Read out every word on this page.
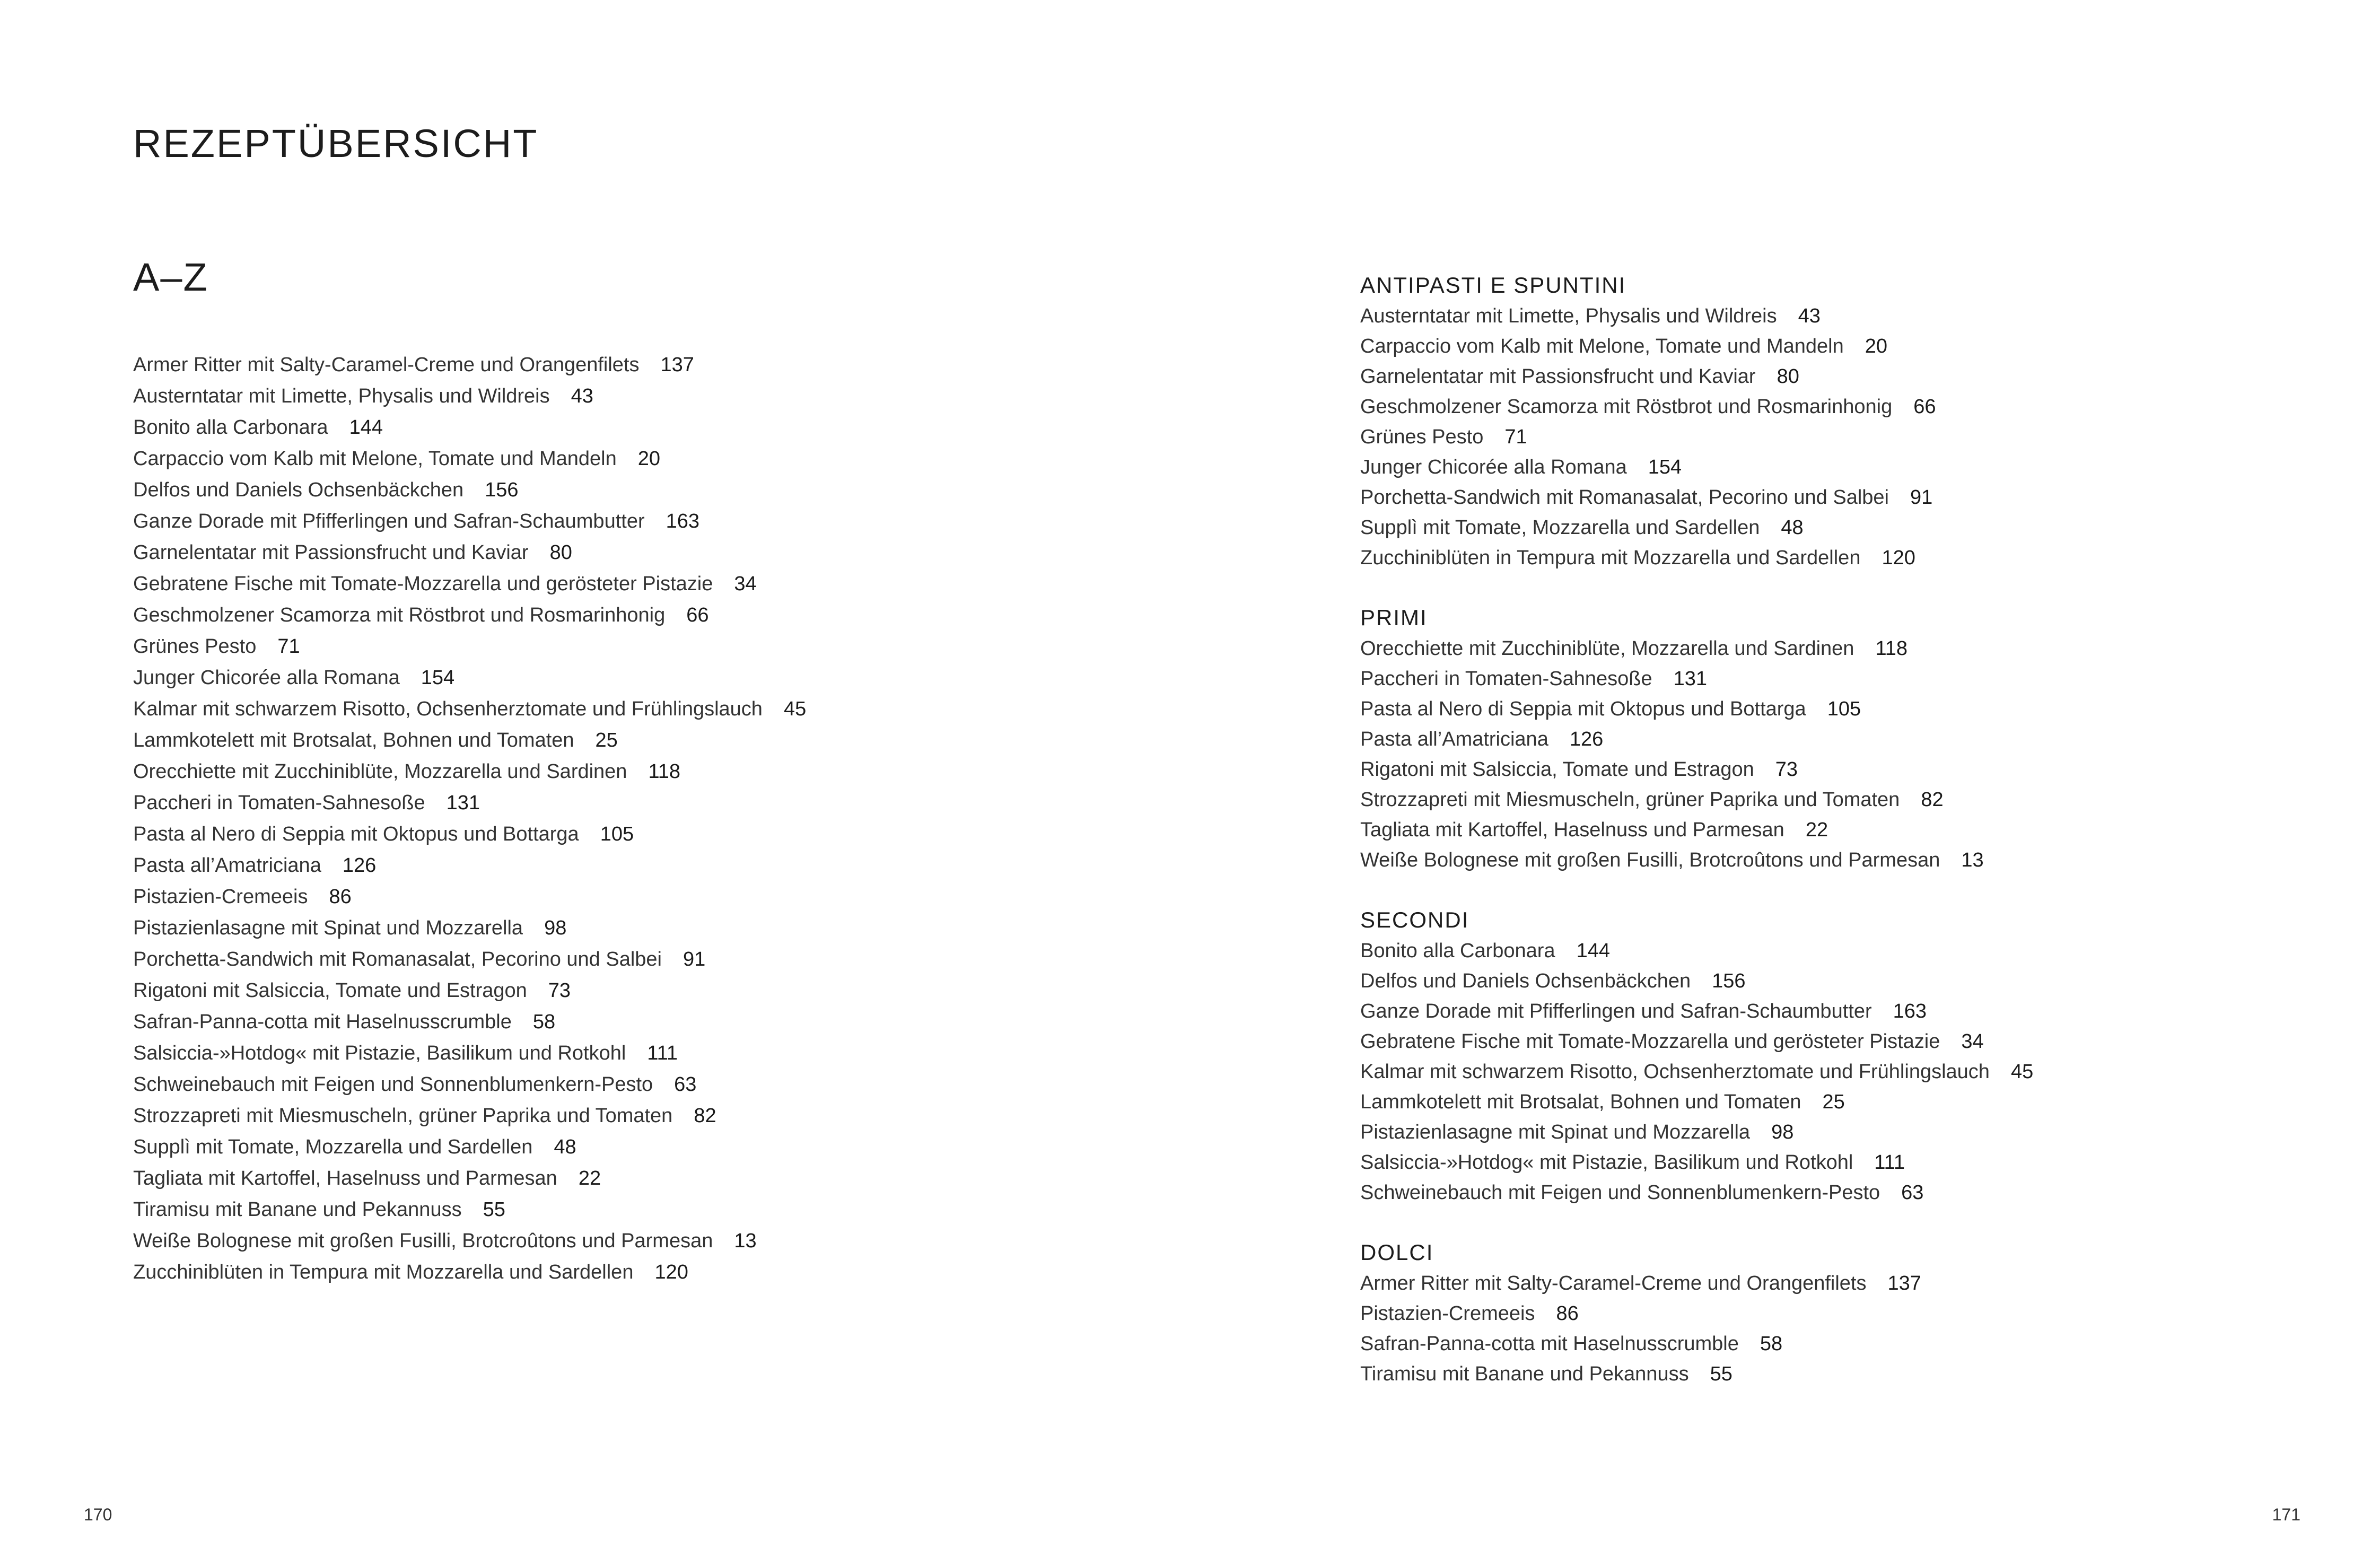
REZEPTÜBERSICHT
A–Z
Armer Ritter mit Salty-Caramel-Creme und Orangenfilets 137
Austerntatar mit Limette, Physalis und Wildreis 43
Bonito alla Carbonara 144
Carpaccio vom Kalb mit Melone, Tomate und Mandeln 20
Delfos und Daniels Ochsenbäckchen 156
Ganze Dorade mit Pfifferlingen und Safran-Schaumbutter 163
Garnelentatar mit Passionsfrucht und Kaviar 80
Gebratene Fische mit Tomate-Mozzarella und gerösteter Pistazie 34
Geschmolzener Scamorza mit Röstbrot und Rosmarinhonig 66
Grünes Pesto 71
Junger Chicorée alla Romana 154
Kalmar mit schwarzem Risotto, Ochsenherztomate und Frühlingslauch 45
Lammkotelett mit Brotsalat, Bohnen und Tomaten 25
Orecchiette mit Zucchiniblüte, Mozzarella und Sardinen 118
Paccheri in Tomaten-Sahnesoße 131
Pasta al Nero di Seppia mit Oktopus und Bottarga 105
Pasta all’Amatriciana 126
Pistazien-Cremeeis 86
Pistazienlasagne mit Spinat und Mozzarella 98
Porchetta-Sandwich mit Romanasalat, Pecorino und Salbei 91
Rigatoni mit Salsiccia, Tomate und Estragon 73
Safran-Panna-cotta mit Haselnusscrumble 58
Salsiccia-»Hotdog« mit Pistazie, Basilikum und Rotkohl 111
Schweinebauch mit Feigen und Sonnenblumenkern-Pesto 63
Strozzapreti mit Miesmuscheln, grüner Paprika und Tomaten 82
Supplì mit Tomate, Mozzarella und Sardellen 48
Tagliata mit Kartoffel, Haselnuss und Parmesan 22
Tiramisu mit Banane und Pekannuss 55
Weiße Bolognese mit großen Fusilli, Brotcroûtons und Parmesan 13
Zucchiniblüten in Tempura mit Mozzarella und Sardellen 120
170
ANTIPASTI E SPUNTINI
Austerntatar mit Limette, Physalis und Wildreis 43
Carpaccio vom Kalb mit Melone, Tomate und Mandeln 20
Garnelentatar mit Passionsfrucht und Kaviar 80
Geschmolzener Scamorza mit Röstbrot und Rosmarinhonig 66
Grünes Pesto 71
Junger Chicorée alla Romana 154
Porchetta-Sandwich mit Romanasalat, Pecorino und Salbei 91
Supplì mit Tomate, Mozzarella und Sardellen 48
Zucchiniblüten in Tempura mit Mozzarella und Sardellen 120
PRIMI
Orecchiette mit Zucchiniblüte, Mozzarella und Sardinen 118
Paccheri in Tomaten-Sahnesoße 131
Pasta al Nero di Seppia mit Oktopus und Bottarga 105
Pasta all’Amatriciana 126
Rigatoni mit Salsiccia, Tomate und Estragon 73
Strozzapreti mit Miesmuscheln, grüner Paprika und Tomaten 82
Tagliata mit Kartoffel, Haselnuss und Parmesan 22
Weiße Bolognese mit großen Fusilli, Brotcroûtons und Parmesan 13
SECONDI
Bonito alla Carbonara 144
Delfos und Daniels Ochsenbäckchen 156
Ganze Dorade mit Pfifferlingen und Safran-Schaumbutter 163
Gebratene Fische mit Tomate-Mozzarella und gerösteter Pistazie 34
Kalmar mit schwarzem Risotto, Ochsenherztomate und Frühlingslauch 45
Lammkotelett mit Brotsalat, Bohnen und Tomaten 25
Pistazienlasagne mit Spinat und Mozzarella 98
Salsiccia-»Hotdog« mit Pistazie, Basilikum und Rotkohl 111
Schweinebauch mit Feigen und Sonnenblumenkern-Pesto 63
DOLCI
Armer Ritter mit Salty-Caramel-Creme und Orangenfilets 137
Pistazien-Cremeeis 86
Safran-Panna-cotta mit Haselnusscrumble 58
Tiramisu mit Banane und Pekannuss 55
171
